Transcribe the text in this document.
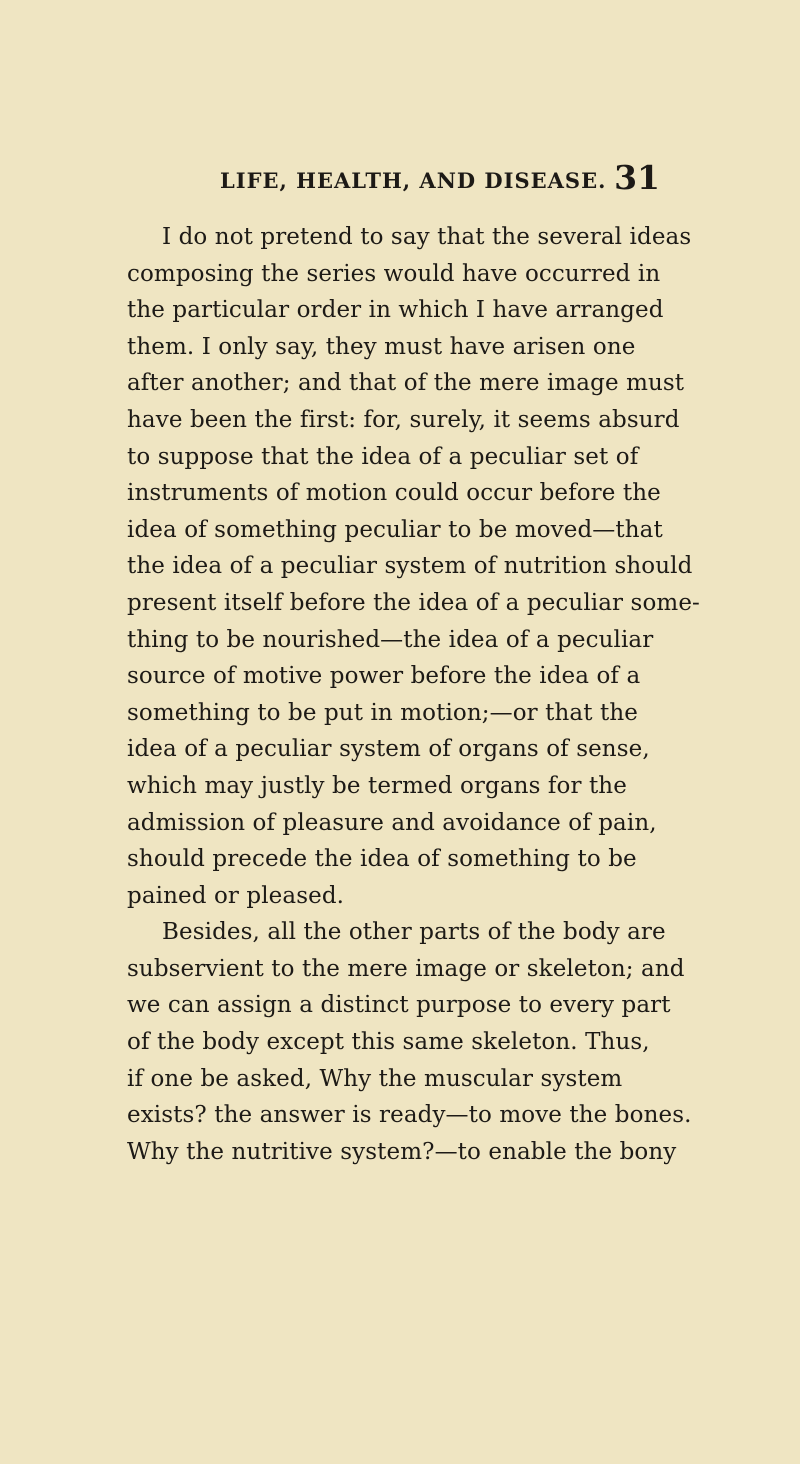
LIFE, HEALTH, AND DISEASE. 31
I do not pretend to say that the several ideas
composing the series would have occurred in
the particular order in which I have arranged
them. I only say, they must have arisen one
after another; and that of the mere image must
have been the first: for, surely, it seems absurd
to suppose that the idea of a peculiar set of
instruments of motion could occur before the
idea of something peculiar to be moved—that
the idea of a peculiar system of nutrition should
present itself before the idea of a peculiar some-
thing to be nourished—the idea of a peculiar
source of motive power before the idea of a
something to be put in motion;—or that the
idea of a peculiar system of organs of sense,
which may justly be termed organs for the
admission of pleasure and avoidance of pain,
should precede the idea of something to be
pained or pleased.
Besides, all the other parts of the body are
subservient to the mere image or skeleton; and
we can assign a distinct purpose to every part
of the body except this same skeleton. Thus,
if one be asked, Why the muscular system
exists? the answer is ready—to move the bones.
Why the nutritive system?—to enable the bony
